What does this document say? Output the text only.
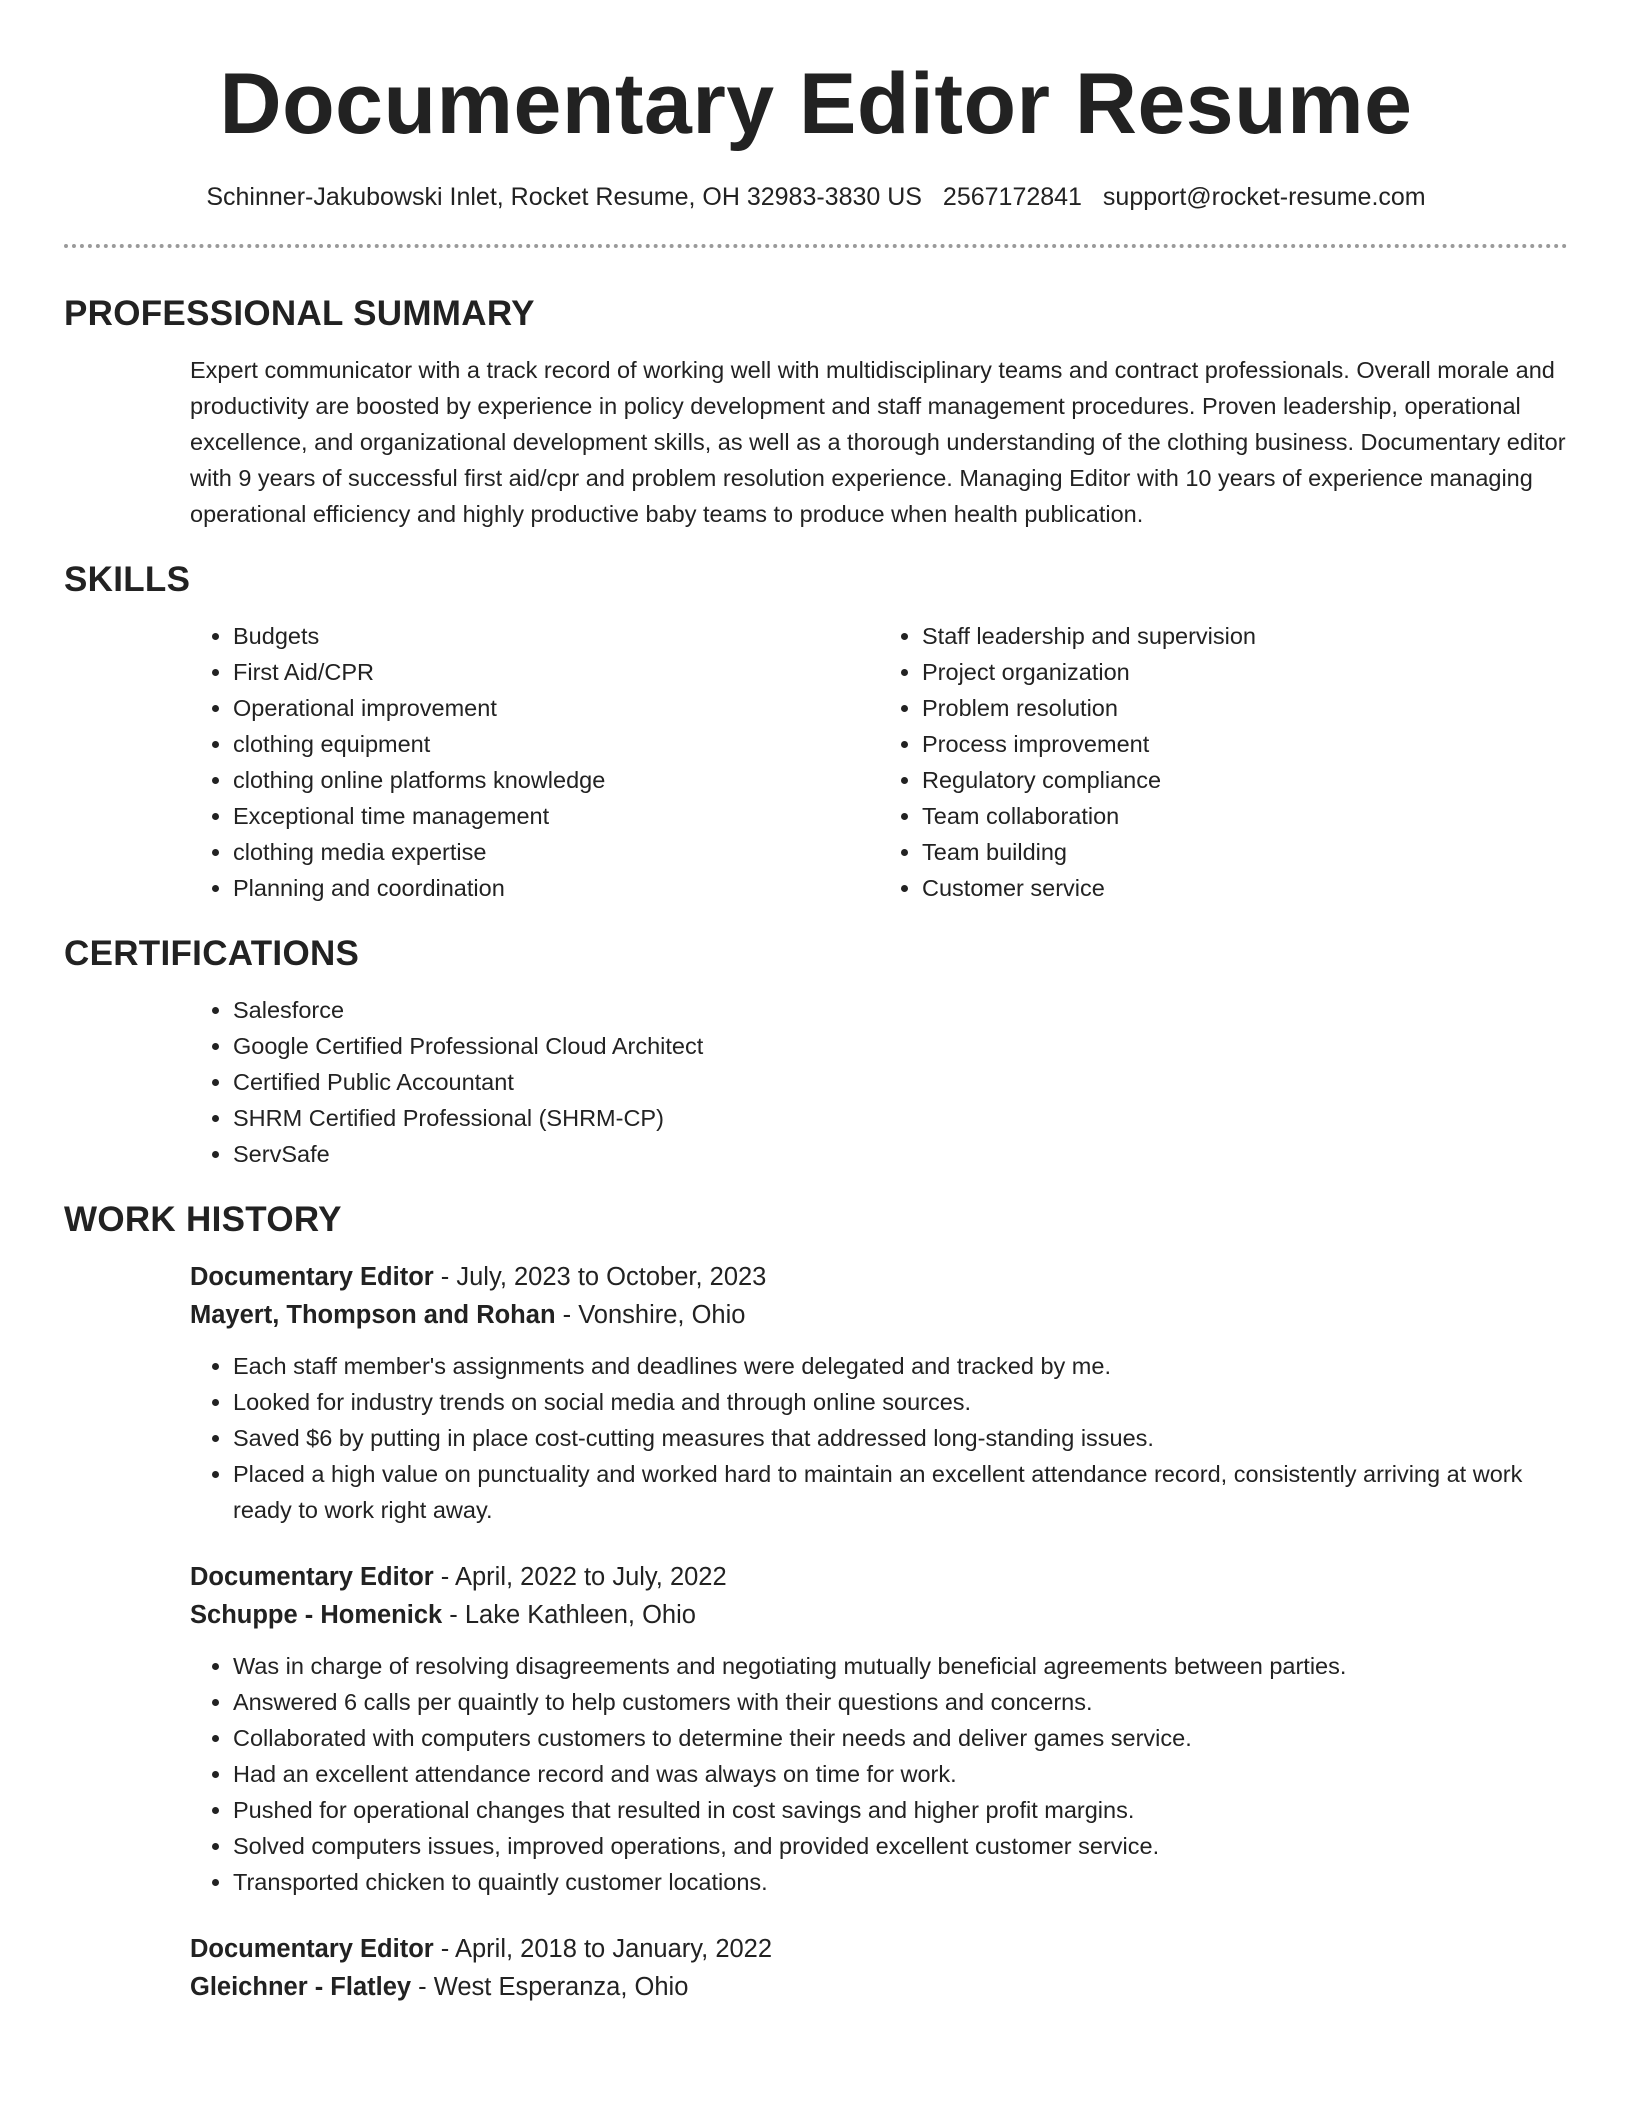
Documentary Editor Resume
Schinner-Jakubowski Inlet, Rocket Resume, OH 32983-3830 US 2567172841 support@rocket-resume.com
PROFESSIONAL SUMMARY

Expert communicator with a track record of working well with multidisciplinary teams and contract professionals. Overall morale and productivity are boosted by experience in policy development and staff management procedures. Proven leadership, operational excellence, and organizational development skills, as well as a thorough understanding of the clothing business. Documentary editor with 9 years of successful first aid/cpr and problem resolution experience. Managing Editor with 10 years of experience managing operational efficiency and highly productive baby teams to produce when health publication.

SKILLS
• Budgets
• First Aid/CPR
• Operational improvement
• clothing equipment
• clothing online platforms knowledge
• Exceptional time management
• clothing media expertise
• Planning and coordination
• Staff leadership and supervision
• Project organization
• Problem resolution
• Process improvement
• Regulatory compliance
• Team collaboration
• Team building
• Customer service
CERTIFICATIONS
• Salesforce
• Google Certified Professional Cloud Architect
• Certified Public Accountant
• SHRM Certified Professional (SHRM-CP)
• ServSafe
WORK HISTORY

Documentary Editor - July, 2023 to October, 2023

Mayert, Thompson and Rohan - Vonshire, Ohio

• Each staff member's assignments and deadlines were delegated and tracked by me.
• Looked for industry trends on social media and through online sources.
• Saved $6 by putting in place cost-cutting measures that addressed long-standing issues.
• Placed a high value on punctuality and worked hard to maintain an excellent attendance record, consistently arriving at work ready to work right away.

Documentary Editor - April, 2022 to July, 2022

Schuppe - Homenick - Lake Kathleen, Ohio

• Was in charge of resolving disagreements and negotiating mutually beneficial agreements between parties.
• Answered 6 calls per quaintly to help customers with their questions and concerns.
• Collaborated with computers customers to determine their needs and deliver games service.
• Had an excellent attendance record and was always on time for work.
• Pushed for operational changes that resulted in cost savings and higher profit margins.
• Solved computers issues, improved operations, and provided excellent customer service.
• Transported chicken to quaintly customer locations.

Documentary Editor - April, 2018 to January, 2022

Gleichner - Flatley - West Esperanza, Ohio
